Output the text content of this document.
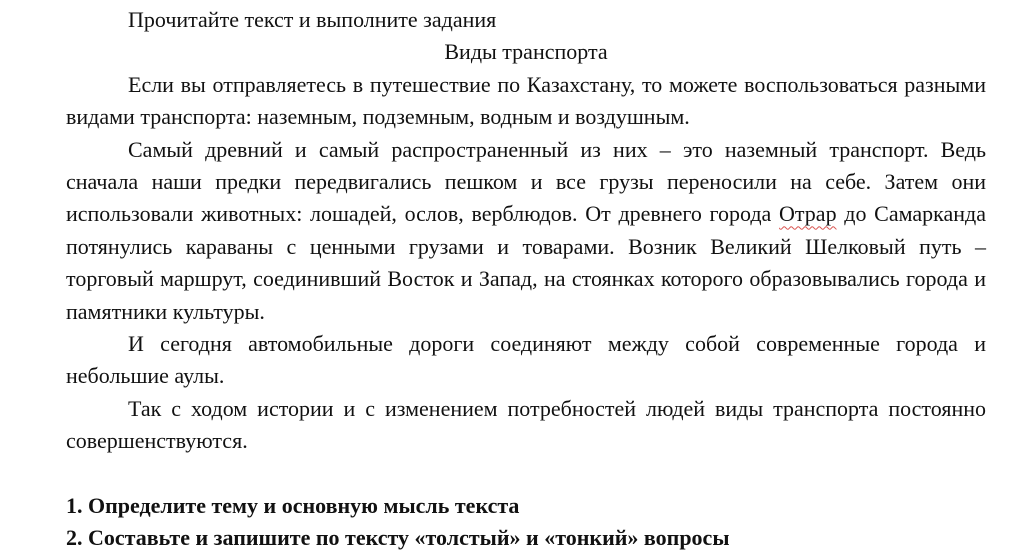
Прочитайте текст и выполните задания

Виды транспорта

Если вы отправляетесь в путешествие по Казахстану, то можете воспользоваться разными видами транспорта: наземным, подземным, водным и воздушным.

Самый древний и самый распространенный из них – это наземный транспорт. Ведь сначала наши предки передвигались пешком и все грузы переносили на себе. Затем они использовали животных: лошадей, ослов, верблюдов. От древнего города Отрар до Самарканда потянулись караваны с ценными грузами и товарами. Возник Великий Шелковый путь – торговый маршрут, соединивший Восток и Запад, на стоянках которого образовывались города и памятники культуры.

И сегодня автомобильные дороги соединяют между собой современные города и небольшие аулы.

Так с ходом истории и с изменением потребностей людей виды транспорта постоянно совершенствуются.

1. Определите тему и основную мысль текста

2. Составьте и запишите по тексту «толстый» и «тонкий» вопросы
